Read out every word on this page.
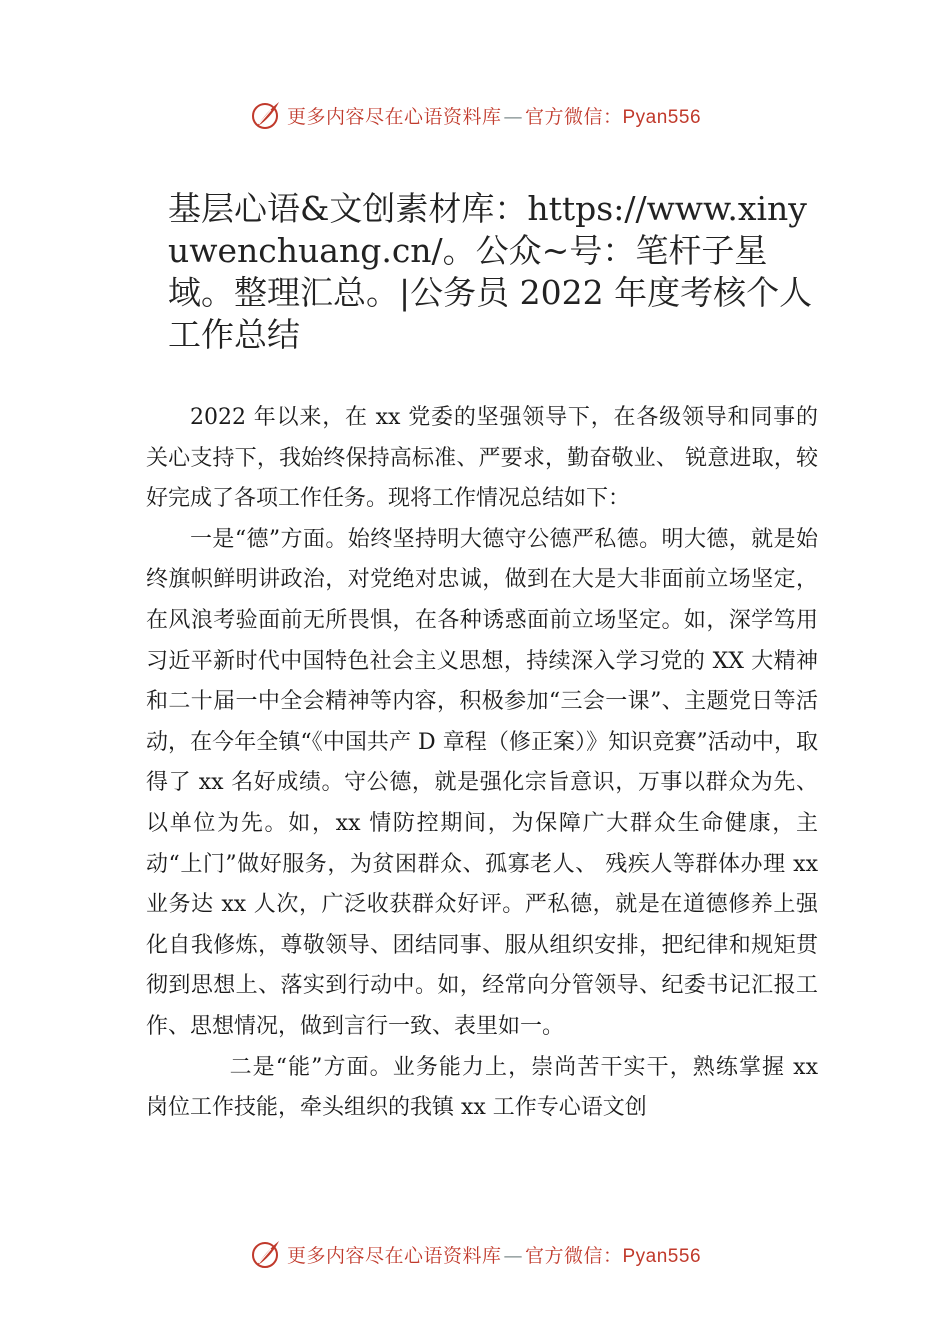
更多内容尽在心语资料库 — 官方微信：Pyan556
基层心语&文创素材库：https://www.xinyuwenchuang.cn/。公众~号：笔杆子星域。整理汇总。|公务员 2022 年度考核个人工作总结

2022 年以来，在 xx 党委的坚强领导下，在各级领导和同事的关心支持下，我始终保持高标准、严要求，勤奋敬业、 锐意进取，较好完成了各项工作任务。现将工作情况总结如下：

一是“德”方面。始终坚持明大德守公德严私德。明大德，就是始终旗帜鲜明讲政治，对党绝对忠诚，做到在大是大非面前立场坚定，在风浪考验面前无所畏惧，在各种诱惑面前立场坚定。如，深学笃用习近平新时代中国特色社会主义思想，持续深入学习党的 XX 大精神和二十届一中全会精神等内容，积极参加“三会一课”、主题党日等活动，在今年全镇“《中国共产 D 章程（修正案）》知识竞赛”活动中，取得了 xx 名好成绩。守公德，就是强化宗旨意识，万事以群众为先、以单位为先。如，xx 情防控期间，为保障广大群众生命健康，主动“上门”做好服务，为贫困群众、孤寡老人、 残疾人等群体办理 xx 业务达 xx 人次，广泛收获群众好评。严私德，就是在道德修养上强化自我修炼，尊敬领导、团结同事、服从组织安排，把纪律和规矩贯彻到思想上、落实到行动中。如，经常向分管领导、纪委书记汇报工作、思想情况，做到言行一致、表里如一。

二是“能”方面。业务能力上，崇尚苦干实干，熟练掌握 xx 岗位工作技能，牵头组织的我镇 xx 工作专心语文创

更多内容尽在心语资料库 — 官方微信：Pyan556
